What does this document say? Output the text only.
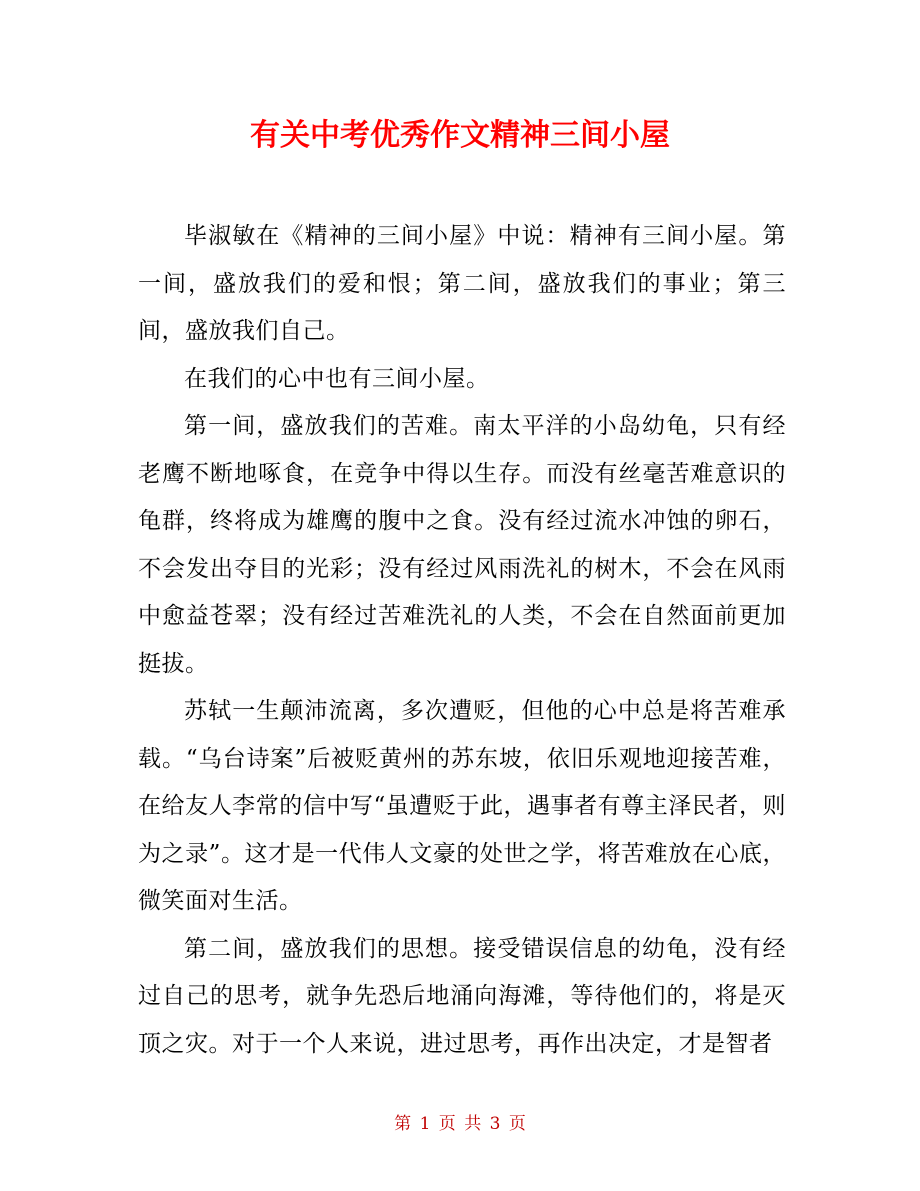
有关中考优秀作文精神三间小屋

毕淑敏在《精神的三间小屋》中说：精神有三间小屋。第一间，盛放我们的爱和恨；第二间，盛放我们的事业；第三间，盛放我们自己。

在我们的心中也有三间小屋。

第一间，盛放我们的苦难。南太平洋的小岛幼龟，只有经老鹰不断地啄食，在竞争中得以生存。而没有丝毫苦难意识的龟群，终将成为雄鹰的腹中之食。没有经过流水冲蚀的卵石，不会发出夺目的光彩；没有经过风雨洗礼的树木，不会在风雨中愈益苍翠；没有经过苦难洗礼的人类，不会在自然面前更加挺拔。

苏轼一生颠沛流离，多次遭贬，但他的心中总是将苦难承载。“乌台诗案”后被贬黄州的苏东坡，依旧乐观地迎接苦难，在给友人李常的信中写“虽遭贬于此，遇事者有尊主泽民者，则为之录”。这才是一代伟人文豪的处世之学，将苦难放在心底，微笑面对生活。

第二间，盛放我们的思想。接受错误信息的幼龟，没有经过自己的思考，就争先恐后地涌向海滩，等待他们的，将是灭顶之灾。对于一个人来说，进过思考，再作出决定，才是智者

第 1 页 共 3 页
